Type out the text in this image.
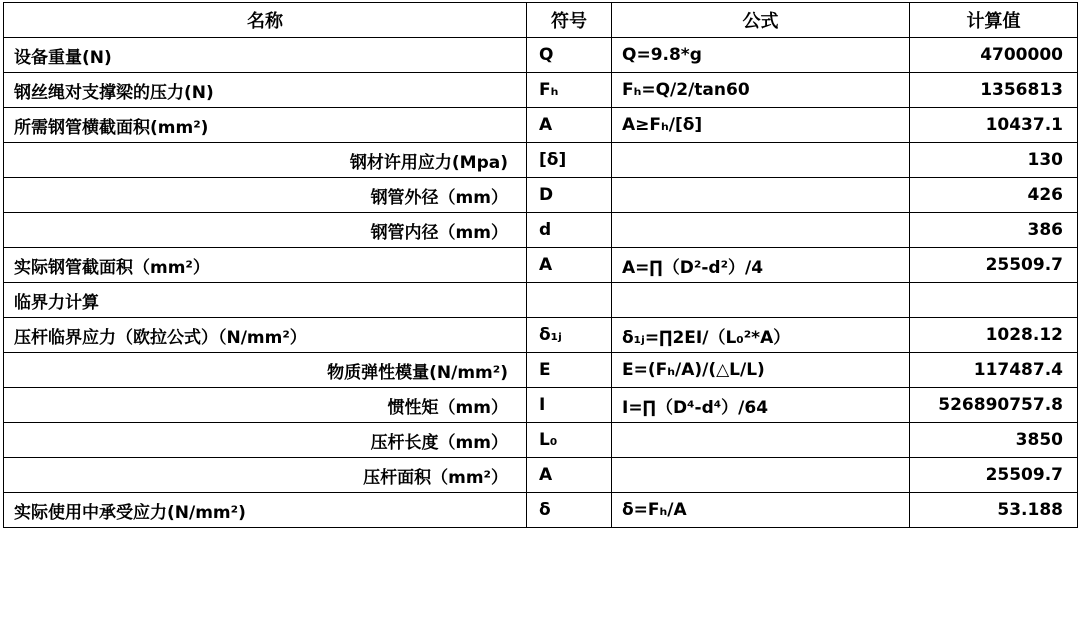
名称	符号	公式	计算值
设备重量(N)	Q	Q=9.8*g	4700000
钢丝绳对支撑梁的压力(N)	Fₕ	Fₕ=Q/2/tan60	1356813
所需钢管横截面积(mm²)	A	A≥Fₕ/[δ]	10437.1
钢材许用应力(Mpa)	[δ]		130
钢管外径（mm）	D		426
钢管内径（mm）	d		386
实际钢管截面积（mm²）	A	A=∏（D²-d²）/4	25509.7
临界力计算			
压杆临界应力（欧拉公式）（N/mm²）	δ₁ⱼ	δ₁ⱼ=∏2EI/（L₀²*A）	1028.12
物质弹性模量(N/mm²)	E	E=(Fₕ/A)/(△L/L)	117487.4
惯性矩（mm）	I	I=∏（D⁴-d⁴）/64	526890757.8
压杆长度（mm）	L₀		3850
压杆面积（mm²）	A		25509.7
实际使用中承受应力(N/mm²)	δ	δ=Fₕ/A	53.188
